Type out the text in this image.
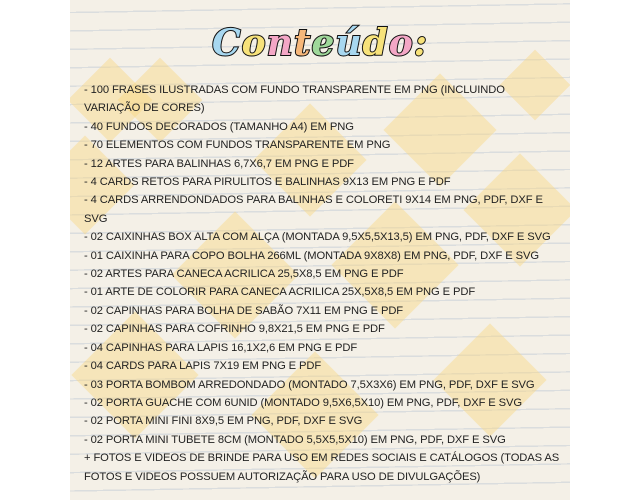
Conteúdo:
- 100 FRASES ILUSTRADAS COM FUNDO TRANSPARENTE EM PNG (INCLUINDO VARIAÇÃO DE CORES)
- 40 FUNDOS DECORADOS (TAMANHO A4) EM PNG
- 70 ELEMENTOS COM FUNDOS TRANSPARENTE EM PNG
- 12 ARTES PARA BALINHAS 6,7X6,7 EM PNG E PDF
- 4 CARDS RETOS PARA PIRULITOS E BALINHAS 9X13 EM PNG E PDF
- 4 CARDS ARRENDONDADOS PARA BALINHAS E COLORETI 9X14 EM PNG, PDF, DXF E SVG
- 02 CAIXINHAS BOX ALTA COM ALÇA (MONTADA 9,5X5,5X13,5) EM PNG, PDF, DXF E SVG
- 01 CAIXINHA PARA COPO BOLHA 266ML (MONTADA 9X8X8) EM PNG, PDF, DXF E SVG
- 02 ARTES PARA CANECA ACRILICA 25,5X8,5 EM PNG E PDF
- 01 ARTE DE COLORIR PARA CANECA ACRILICA 25X,5X8,5 EM PNG E PDF
- 02 CAPINHAS PARA BOLHA DE SABÃO 7X11 EM PNG E PDF
- 02 CAPINHAS PARA COFRINHO 9,8X21,5 EM PNG E PDF
- 04 CAPINHAS PARA LAPIS 16,1X2,6 EM PNG E PDF
- 04 CARDS PARA LAPIS 7X19 EM PNG E PDF
- 03 PORTA BOMBOM ARREDONDADO (MONTADO 7,5X3X6) EM PNG, PDF, DXF E SVG
- 02 PORTA GUACHE COM 6UNID (MONTADO 9,5X6,5X10) EM PNG, PDF, DXF E SVG
- 02 PORTA MINI FINI 8X9,5 EM PNG, PDF, DXF E SVG
- 02 PORTA MINI TUBETE 8CM (MONTADO 5,5X5,5X10) EM PNG, PDF, DXF E SVG
+ FOTOS E VIDEOS DE BRINDE PARA USO EM REDES SOCIAIS E CATÁLOGOS (TODAS AS FOTOS E VIDEOS POSSUEM AUTORIZAÇÃO PARA USO DE DIVULGAÇÕES)
